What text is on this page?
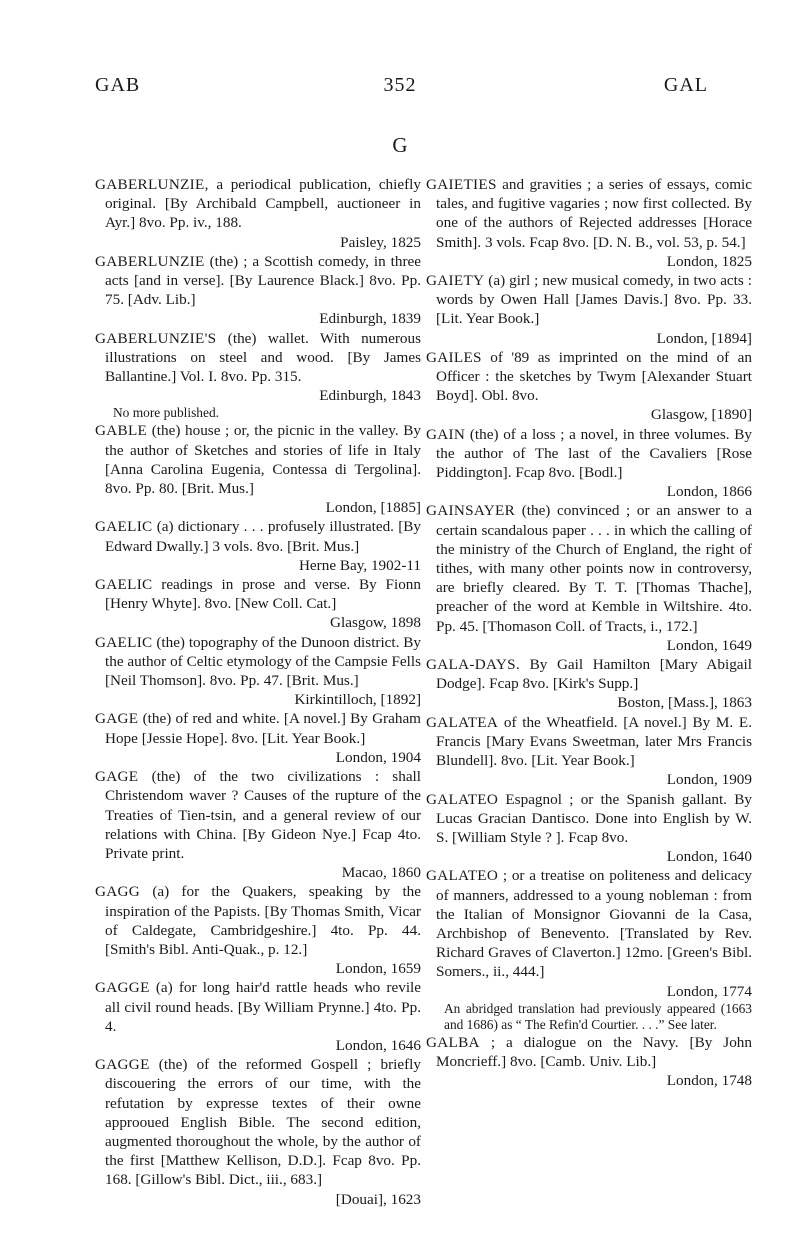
GAB	352	GAL
G
GABERLUNZIE, a periodical publication, chiefly original. [By Archibald Campbell, auctioneer in Ayr.] 8vo. Pp. iv., 188.
Paisley, 1825
GABERLUNZIE (the) ; a Scottish comedy, in three acts [and in verse]. [By Laurence Black.] 8vo. Pp. 75. [Adv. Lib.]
Edinburgh, 1839
GABERLUNZIE'S (the) wallet. With numerous illustrations on steel and wood. [By James Ballantine.] Vol. I. 8vo. Pp. 315.
Edinburgh, 1843
No more published.
GABLE (the) house ; or, the picnic in the valley. By the author of Sketches and stories of life in Italy [Anna Carolina Eugenia, Contessa di Tergolina]. 8vo. Pp. 80. [Brit. Mus.]
London, [1885]
GAELIC (a) dictionary . . . profusely illustrated. [By Edward Dwally.] 3 vols. 8vo. [Brit. Mus.]
Herne Bay, 1902-11
GAELIC readings in prose and verse. By Fionn [Henry Whyte]. 8vo. [New Coll. Cat.]
Glasgow, 1898
GAELIC (the) topography of the Dunoon district. By the author of Celtic etymology of the Campsie Fells [Neil Thomson]. 8vo. Pp. 47. [Brit. Mus.]
Kirkintilloch, [1892]
GAGE (the) of red and white. [A novel.] By Graham Hope [Jessie Hope]. 8vo. [Lit. Year Book.]
London, 1904
GAGE (the) of the two civilizations : shall Christendom waver ? Causes of the rupture of the Treaties of Tien-tsin, and a general review of our relations with China. [By Gideon Nye.] Fcap 4to. Private print.
Macao, 1860
GAGG (a) for the Quakers, speaking by the inspiration of the Papists. [By Thomas Smith, Vicar of Caldegate, Cambridgeshire.] 4to. Pp. 44. [Smith's Bibl. Anti-Quak., p. 12.]
London, 1659
GAGGE (a) for long hair'd rattle heads who revile all civil round heads. [By William Prynne.] 4to. Pp. 4.
London, 1646
GAGGE (the) of the reformed Gospell ; briefly discouering the errors of our time, with the refutation by expresse textes of their owne approoued English Bible. The second edition, augmented thoroughout the whole, by the author of the first [Matthew Kellison, D.D.]. Fcap 8vo. Pp. 168. [Gillow's Bibl. Dict., iii., 683.]
[Douai], 1623
GAIETIES and gravities ; a series of essays, comic tales, and fugitive vagaries ; now first collected. By one of the authors of Rejected addresses [Horace Smith]. 3 vols. Fcap 8vo. [D. N. B., vol. 53, p. 54.]
London, 1825
GAIETY (a) girl ; new musical comedy, in two acts : words by Owen Hall [James Davis.] 8vo. Pp. 33. [Lit. Year Book.]
London, [1894]
GAILES of '89 as imprinted on the mind of an Officer : the sketches by Twym [Alexander Stuart Boyd]. Obl. 8vo.
Glasgow, [1890]
GAIN (the) of a loss ; a novel, in three volumes. By the author of The last of the Cavaliers [Rose Piddington]. Fcap 8vo. [Bodl.]
London, 1866
GAINSAYER (the) convinced ; or an answer to a certain scandalous paper . . . in which the calling of the ministry of the Church of England, the right of tithes, with many other points now in controversy, are briefly cleared. By T. T. [Thomas Thache], preacher of the word at Kemble in Wiltshire. 4to. Pp. 45. [Thomason Coll. of Tracts, i., 172.]
London, 1649
GALA-DAYS. By Gail Hamilton [Mary Abigail Dodge]. Fcap 8vo. [Kirk's Supp.]
Boston, [Mass.], 1863
GALATEA of the Wheatfield. [A novel.] By M. E. Francis [Mary Evans Sweetman, later Mrs Francis Blundell]. 8vo. [Lit. Year Book.]
London, 1909
GALATEO Espagnol ; or the Spanish gallant. By Lucas Gracian Dantisco. Done into English by W. S. [William Style ? ]. Fcap 8vo.
London, 1640
GALATEO ; or a treatise on politeness and delicacy of manners, addressed to a young nobleman : from the Italian of Monsignor Giovanni de la Casa, Archbishop of Benevento. [Translated by Rev. Richard Graves of Claverton.] 12mo. [Green's Bibl. Somers., ii., 444.]
London, 1774
An abridged translation had previously appeared (1663 and 1686) as “ The Refin'd Courtier. . . .” See later.
GALBA ; a dialogue on the Navy. [By John Moncrieff.] 8vo. [Camb. Univ. Lib.]
London, 1748
